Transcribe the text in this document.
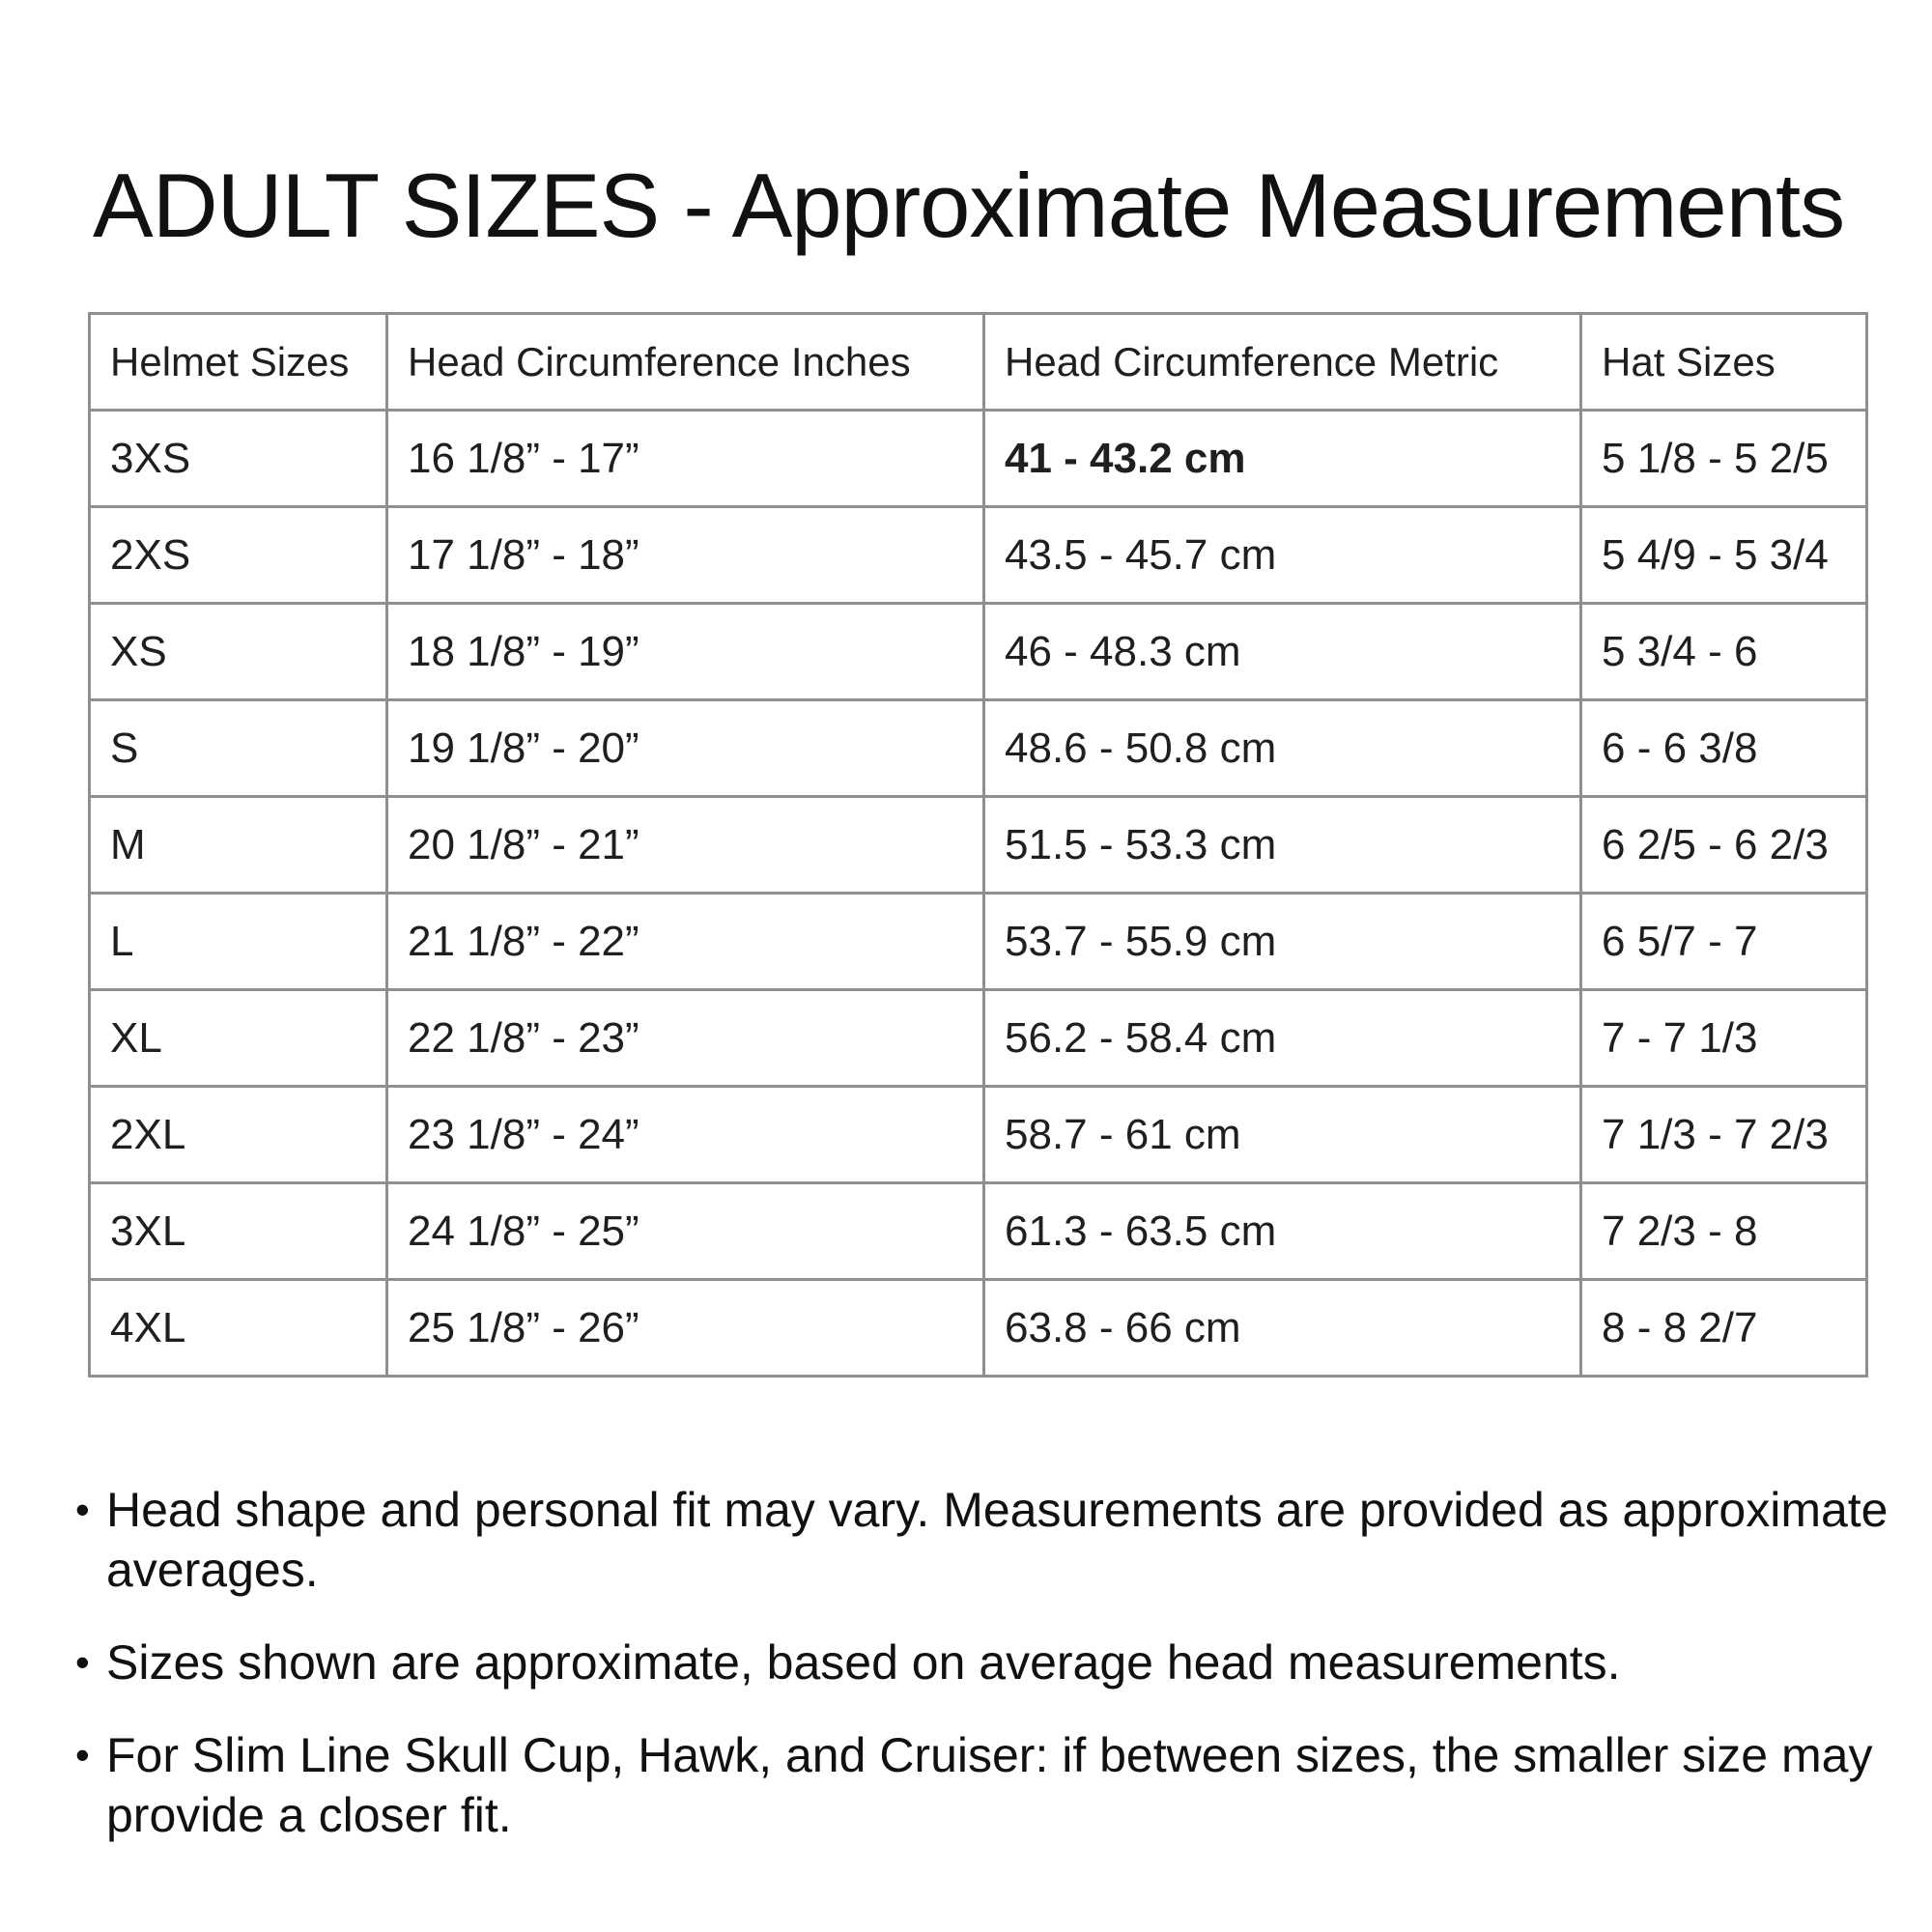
ADULT SIZES - Approximate Measurements
Helmet Sizes	Head Circumference Inches	Head Circumference Metric	Hat Sizes
3XS	16 1/8” - 17”	41 - 43.2 cm	5 1/8 - 5 2/5
2XS	17 1/8” - 18”	43.5 - 45.7 cm	5 4/9 - 5 3/4
XS	18 1/8” - 19”	46 - 48.3 cm	5 3/4 - 6
S	19 1/8” - 20”	48.6 - 50.8 cm	6 - 6 3/8
M	20 1/8” - 21”	51.5 - 53.3 cm	6 2/5 - 6 2/3
L	21 1/8” - 22”	53.7 - 55.9 cm	6 5/7 - 7
XL	22 1/8” - 23”	56.2 - 58.4 cm	7 - 7 1/3
2XL	23 1/8” - 24”	58.7 - 61 cm	7 1/3 - 7 2/3
3XL	24 1/8” - 25”	61.3 - 63.5 cm	7 2/3 - 8
4XL	25 1/8” - 26”	63.8 - 66 cm	8 - 8 2/7
• Head shape and personal fit may vary. Measurements are provided as approximate averages.
• Sizes shown are approximate, based on average head measurements.
• For Slim Line Skull Cup, Hawk, and Cruiser: if between sizes, the smaller size may provide a closer fit.
